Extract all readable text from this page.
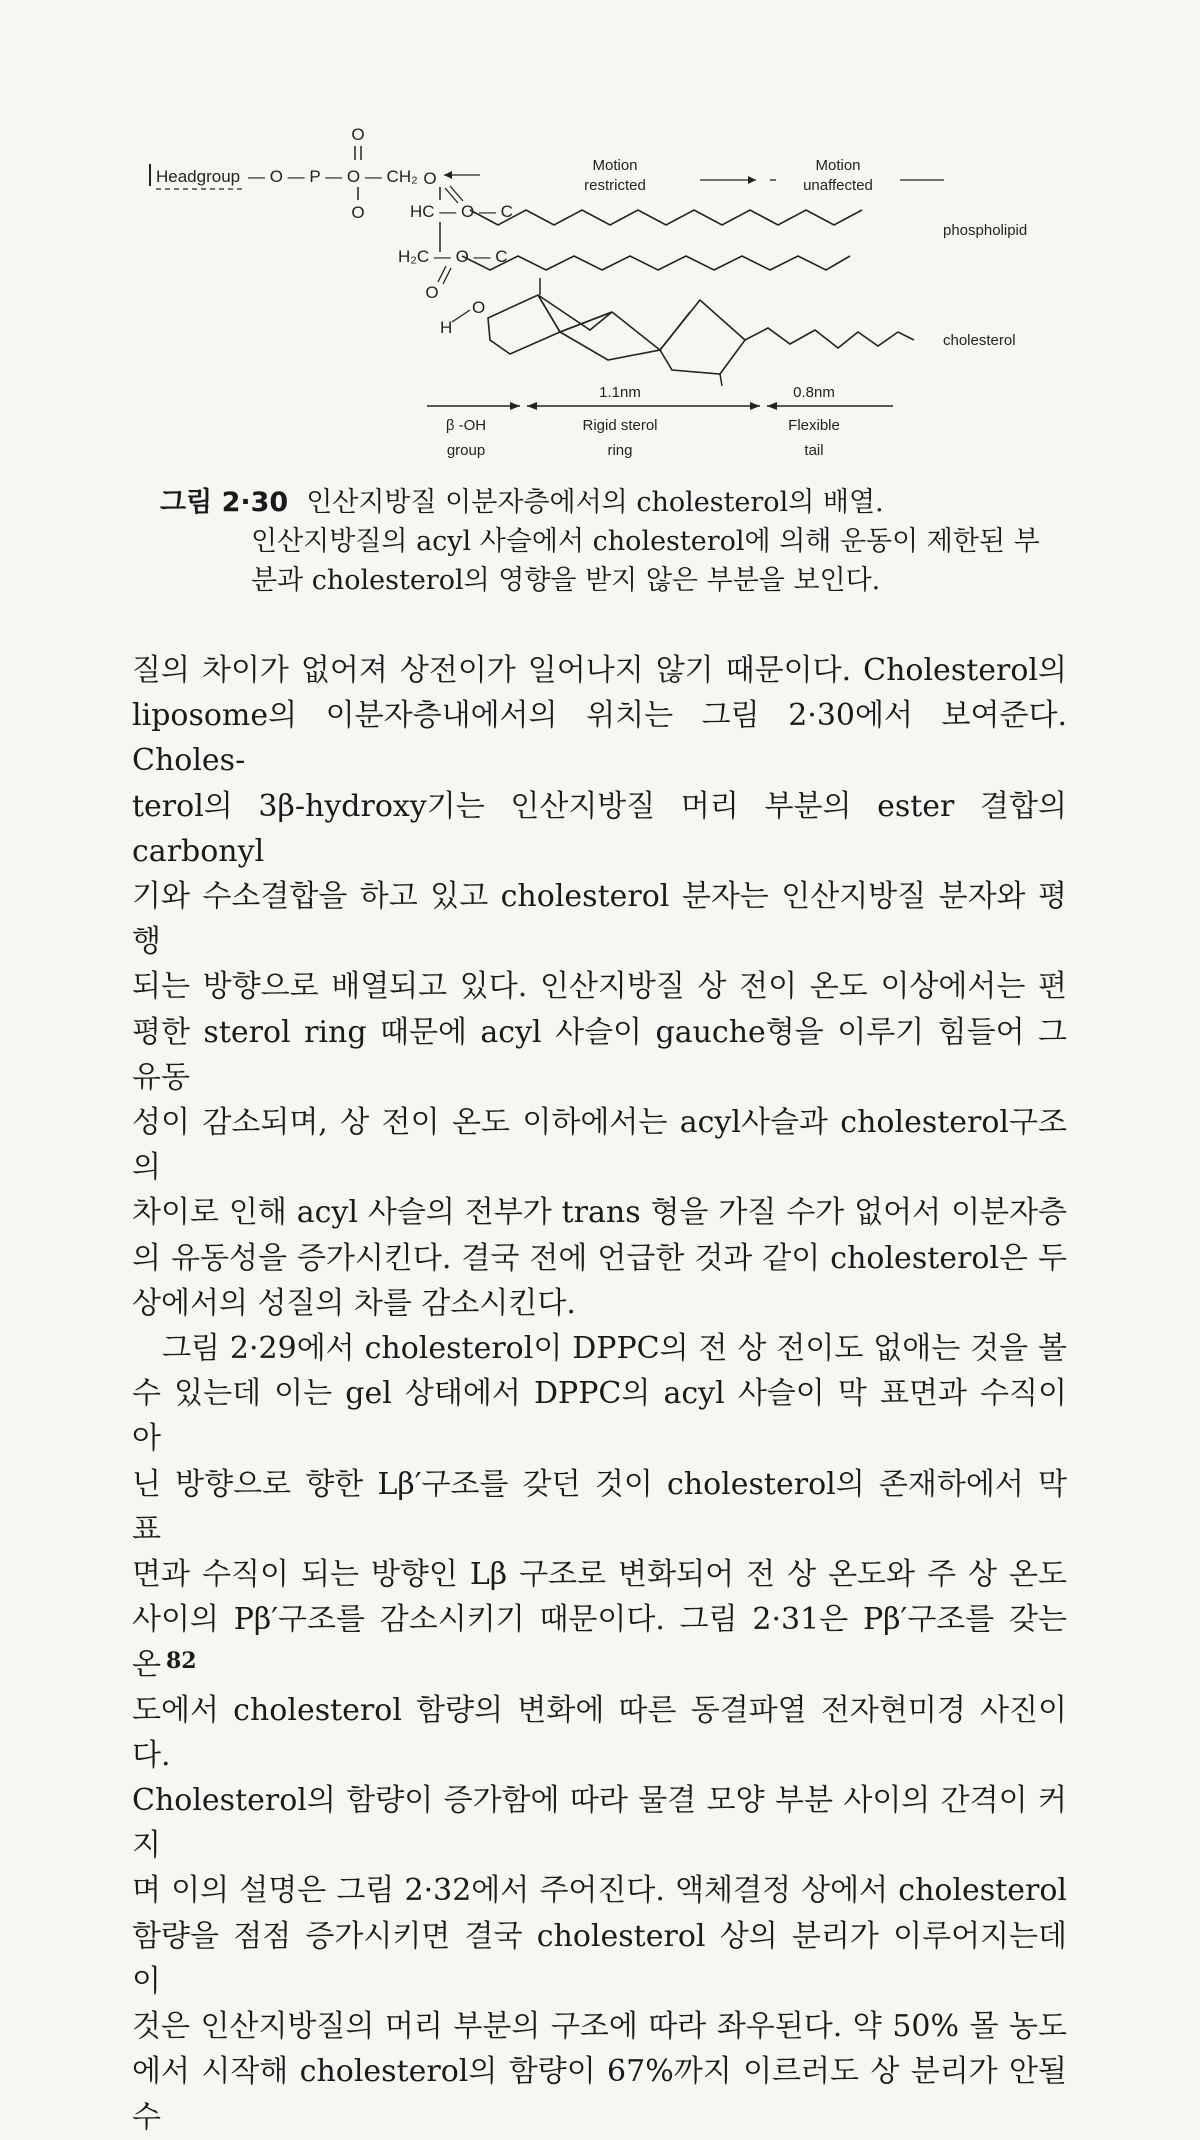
O
Headgroup — O — P — O — CH₂
O
O
HC — O — C
H₂C — O — C
O
H
O
Motion
restricted
Motion
unaffected
phospholipid
cholesterol
1.1nm	0.8nm
β -OH
group
Rigid sterol
ring
Flexible
tail
그림 2·30 인산지방질 이분자층에서의 cholesterol의 배열.
인산지방질의 acyl 사슬에서 cholesterol에 의해 운동이 제한된 부
분과 cholesterol의 영향을 받지 않은 부분을 보인다.

질의 차이가 없어져 상전이가 일어나지 않기 때문이다. Cholesterol의

liposome의 이분자층내에서의 위치는 그림 2·30에서 보여준다. Choles-

terol의 3β-hydroxy기는 인산지방질 머리 부분의 ester 결합의 carbonyl

기와 수소결합을 하고 있고 cholesterol 분자는 인산지방질 분자와 평행

되는 방향으로 배열되고 있다. 인산지방질 상 전이 온도 이상에서는 편

평한 sterol ring 때문에 acyl 사슬이 gauche형을 이루기 힘들어 그 유동

성이 감소되며, 상 전이 온도 이하에서는 acyl사슬과 cholesterol구조의

차이로 인해 acyl 사슬의 전부가 trans 형을 가질 수가 없어서 이분자층

의 유동성을 증가시킨다. 결국 전에 언급한 것과 같이 cholesterol은 두

상에서의 성질의 차를 감소시킨다.

그림 2·29에서 cholesterol이 DPPC의 전 상 전이도 없애는 것을 볼

수 있는데 이는 gel 상태에서 DPPC의 acyl 사슬이 막 표면과 수직이 아

닌 방향으로 향한 Lβ′구조를 갖던 것이 cholesterol의 존재하에서 막 표

면과 수직이 되는 방향인 Lβ 구조로 변화되어 전 상 온도와 주 상 온도

사이의 Pβ′구조를 감소시키기 때문이다. 그림 2·31은 Pβ′구조를 갖는 온

도에서 cholesterol 함량의 변화에 따른 동결파열 전자현미경 사진이다.

Cholesterol의 함량이 증가함에 따라 물결 모양 부분 사이의 간격이 커지

며 이의 설명은 그림 2·32에서 주어진다. 액체결정 상에서 cholesterol

함량을 점점 증가시키면 결국 cholesterol 상의 분리가 이루어지는데 이

것은 인산지방질의 머리 부분의 구조에 따라 좌우된다. 약 50% 몰 농도

에서 시작해 cholesterol의 함량이 67%까지 이르러도 상 분리가 안될 수

82
